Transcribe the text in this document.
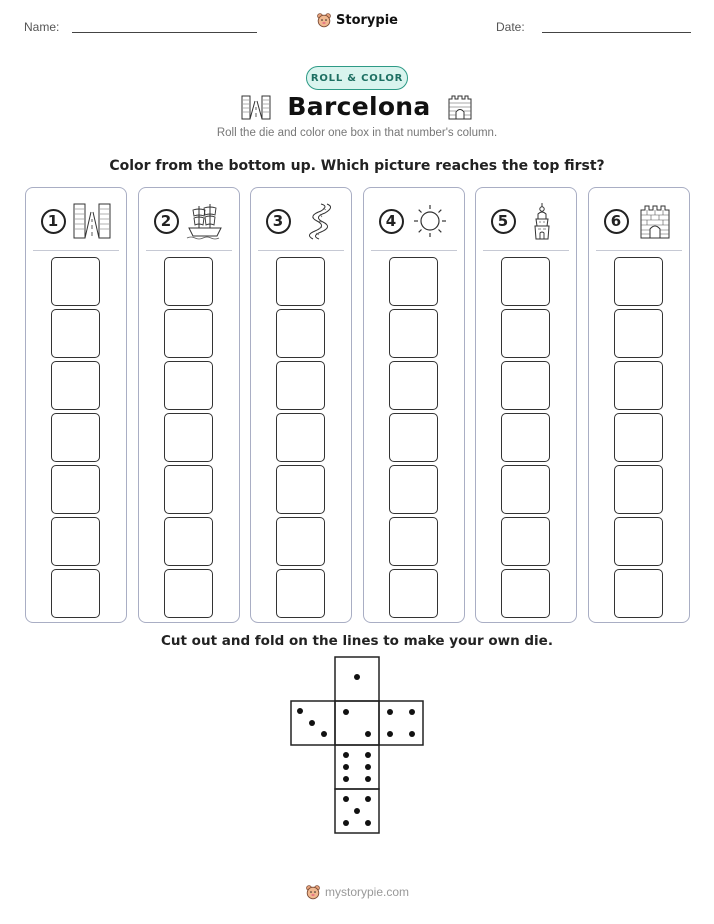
Name:	Storypie	Date:
ROLL & COLOR
Barcelona
Roll the die and color one box in that number's column.
Color from the bottom up. Which picture reaches the top first?
1	2	3	4	5	6
Cut out and fold on the lines to make your own die.
mystorypie.com
